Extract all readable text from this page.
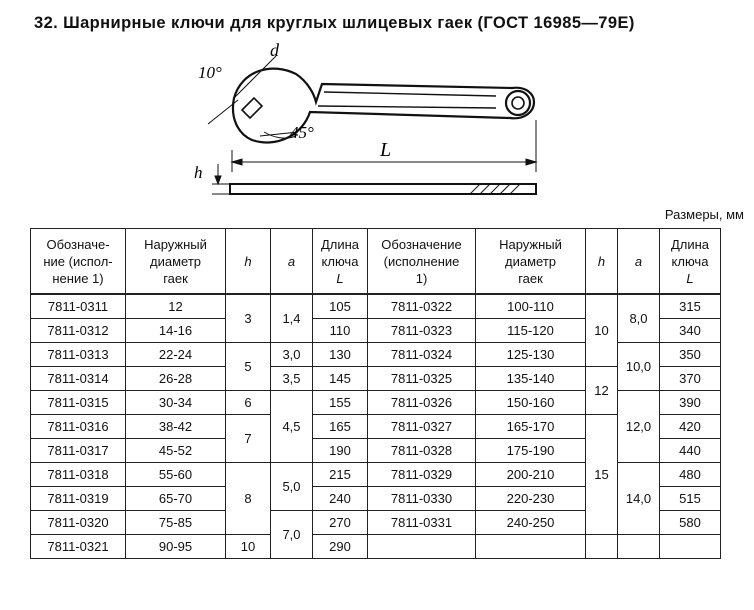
32. Шарнирные ключи для круглых шлицевых гаек (ГОСТ 16985—79Е)
10°
d
45°
L
h
Размеры, мм
Обозначе-
ние (испол-
нение 1)	Наружный
диаметр
гаек	h	a	Длина
ключа
L	Обозначение
(исполнение
1)	Наружный
диаметр
гаек	h	a	Длина
ключа
L

7811-0311	12	3	1,4	105	7811-0322	100-110	10	8,0	315
7811-0312	14-16			110	7811-0323	115-120			340
7811-0313	22-24	5	3,0	130	7811-0324	125-130		10,0	350
7811-0314	26-28		3,5	145	7811-0325	135-140	12		370
7811-0315	30-34	6	4,5	155	7811-0326	150-160		12,0	390
7811-0316	38-42	7		165	7811-0327	165-170	15		420
7811-0317	45-52			190	7811-0328	175-190			440
7811-0318	55-60	8	5,0	215	7811-0329	200-210		14,0	480
7811-0319	65-70			240	7811-0330	220-230			515
7811-0320	75-85		7,0	270	7811-0331	240-250			580
7811-0321	90-95	10		290					
